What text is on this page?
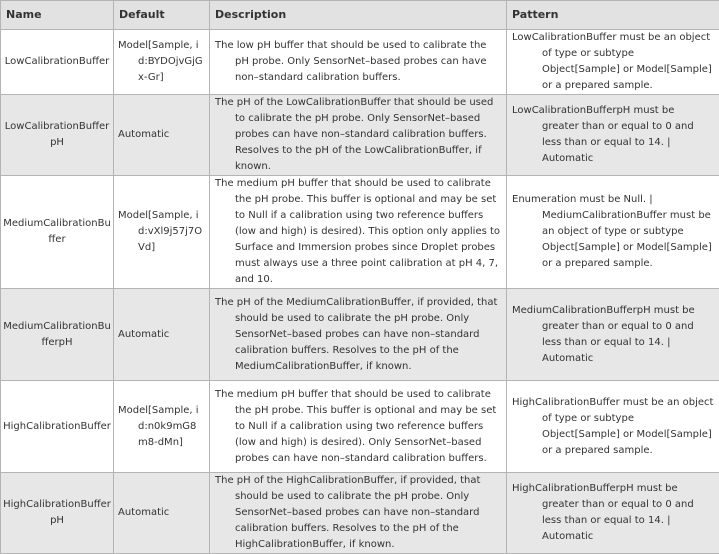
Name	Default	Description	Pattern
LowCalibrationBuffer	Model[Sample, id:BYDOjvGjGx-Gr]	The low pH buffer that should be used to calibrate the pH probe. Only SensorNet–based probes can have non–standard calibration buffers.	LowCalibrationBuffer must be an object of type or subtype Object[Sample] or Model[Sample] or a prepared sample.

LowCalibrationBufferpH	Automatic	The pH of the LowCalibrationBuffer that should be used to calibrate the pH probe. Only SensorNet–based probes can have non–standard calibration buffers. Resolves to the pH of the LowCalibrationBuffer, if known.	LowCalibrationBufferpH must be greater than or equal to 0 and less than or equal to 14. | Automatic

MediumCalibrationBuffer	Model[Sample, id:vXl9j57j7OVd]	The medium pH buffer that should be used to calibrate the pH probe. This buffer is optional and may be set to Null if a calibration using two reference buffers (low and high) is desired). This option only applies to Surface and Immersion probes since Droplet probes must always use a three point calibration at pH 4, 7, and 10.	Enumeration must be Null. | MediumCalibrationBuffer must be an object of type or subtype Object[Sample] or Model[Sample] or a prepared sample.

MediumCalibrationBufferpH	Automatic	The pH of the MediumCalibrationBuffer, if provided, that should be used to calibrate the pH probe. Only SensorNet–based probes can have non–standard calibration buffers. Resolves to the pH of the MediumCalibrationBuffer, if known.	MediumCalibrationBufferpH must be greater than or equal to 0 and less than or equal to 14. | Automatic

HighCalibrationBuffer	Model[Sample, id:n0k9mG8m8-dMn]	The medium pH buffer that should be used to calibrate the pH probe. This buffer is optional and may be set to Null if a calibration using two reference buffers (low and high) is desired). Only SensorNet–based probes can have non–standard calibration buffers.	HighCalibrationBuffer must be an object of type or subtype Object[Sample] or Model[Sample] or a prepared sample.

HighCalibrationBufferpH	Automatic	The pH of the HighCalibrationBuffer, if provided, that should be used to calibrate the pH probe. Only SensorNet–based probes can have non–standard calibration buffers. Resolves to the pH of the HighCalibrationBuffer, if known.	HighCalibrationBufferpH must be greater than or equal to 0 and less than or equal to 14. | Automatic
